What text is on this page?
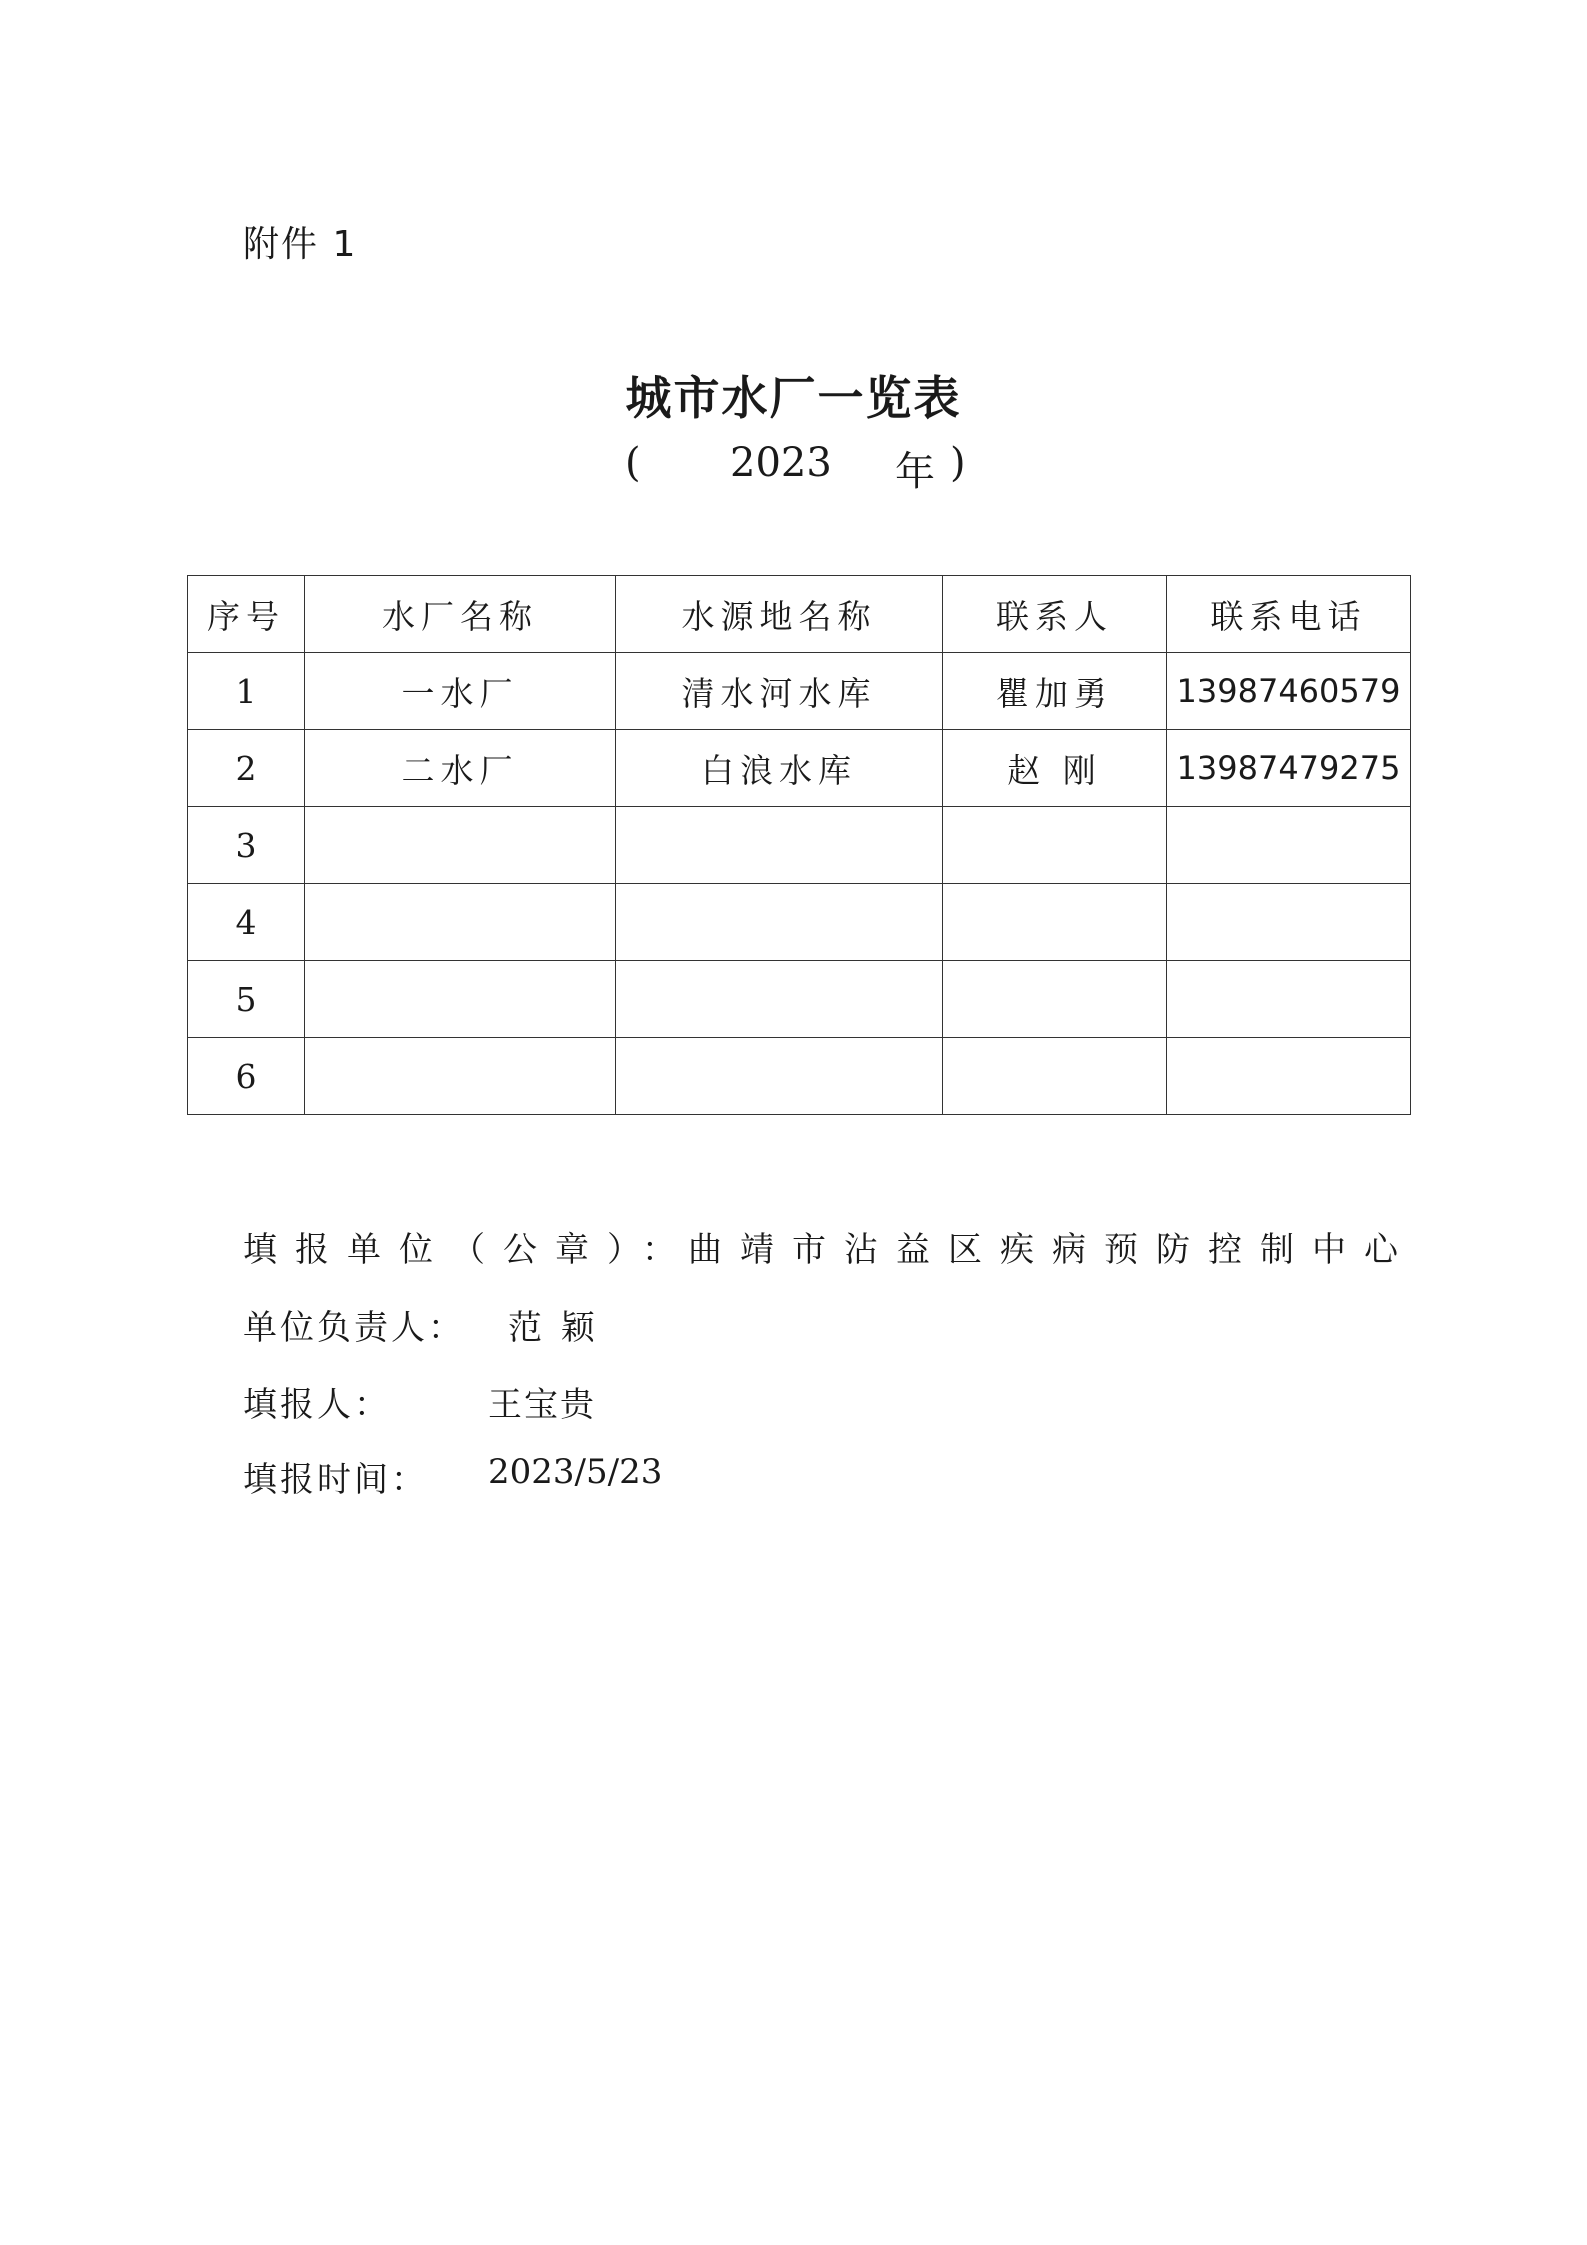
附件 1
城市水厂一览表
( 2023 年 )
序号	水厂名称	水源地名称	联系人	联系电话
1	一水厂	清水河水库	瞿加勇	13987460579
2	二水厂	白浪水库	赵 刚	13987479275
3				
4				
5				
6				
填报单位（公章）：
曲靖市沾益区疾病预防控制中心
单位负责人： 范 颖
填报人：	王宝贵
填报时间： 2023/5/23
